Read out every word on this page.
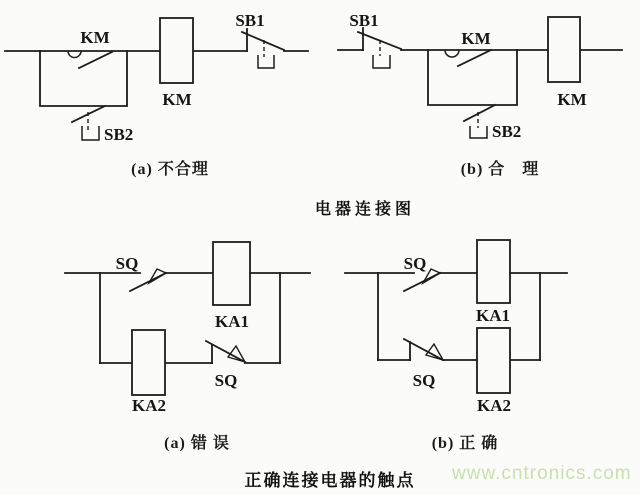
KM
SB1
KM
SB2
SB1
KM
KM
SB2
(a) 不合理	(b) 合　理
电器连接图
SQ
KA1
SQ
KA2
SQ
KA1
SQ
KA2
(a) 错 误	(b) 正 确
正确连接电器的触点	www.cntronics.com
